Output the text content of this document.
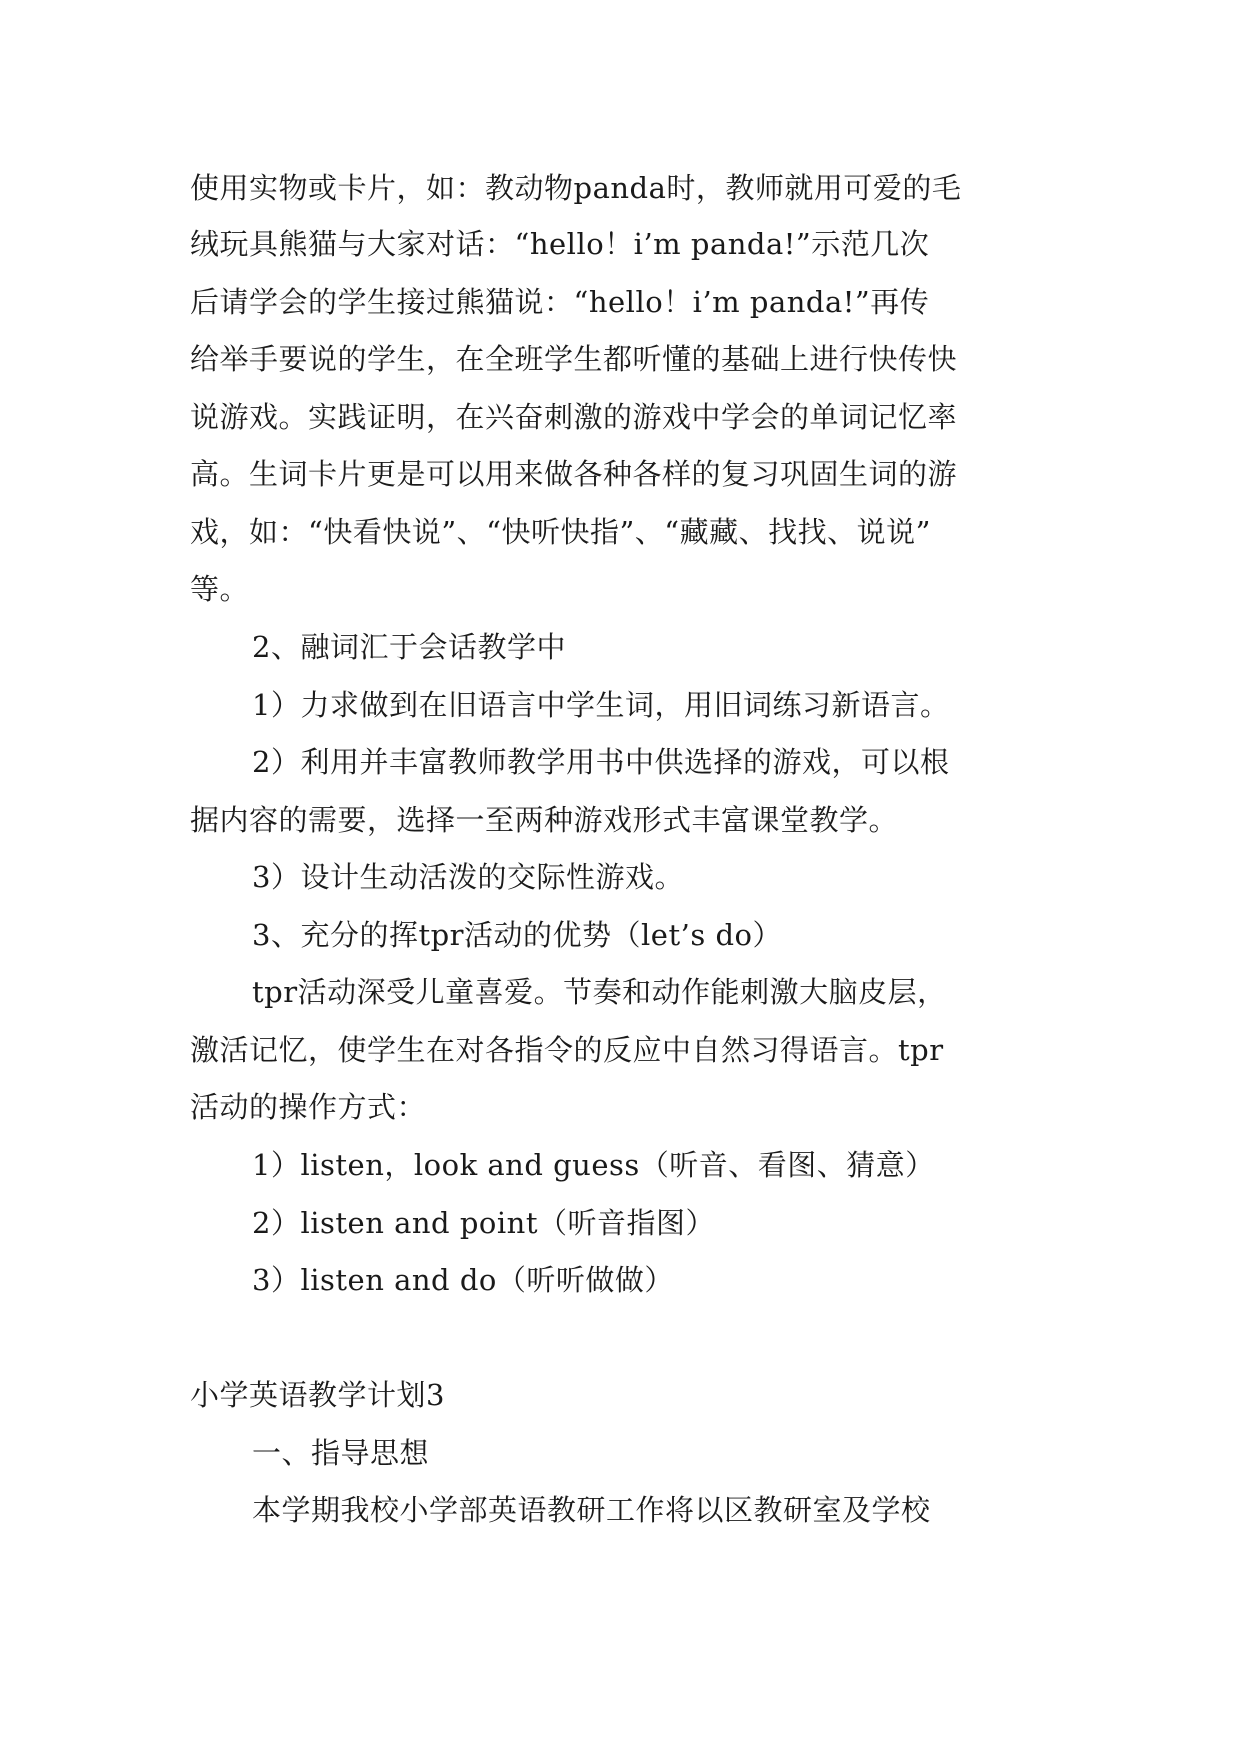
使用实物或卡片，如：教动物panda时，教师就用可爱的毛
绒玩具熊猫与大家对话：“hello！i’m panda!”示范几次
后请学会的学生接过熊猫说：“hello！i’m panda!”再传
给举手要说的学生，在全班学生都听懂的基础上进行快传快
说游戏。实践证明，在兴奋刺激的游戏中学会的单词记忆率
高。生词卡片更是可以用来做各种各样的复习巩固生词的游
戏，如：“快看快说”、“快听快指”、“藏藏、找找、说说”
等。
2、融词汇于会话教学中
1）力求做到在旧语言中学生词，用旧词练习新语言。
2）利用并丰富教师教学用书中供选择的游戏，可以根
据内容的需要，选择一至两种游戏形式丰富课堂教学。
3）设计生动活泼的交际性游戏。
3、充分的挥tpr活动的优势（let’s do）
tpr活动深受儿童喜爱。节奏和动作能刺激大脑皮层，
激活记忆，使学生在对各指令的反应中自然习得语言。tpr
活动的操作方式：
1）listen，look and guess（听音、看图、猜意）
2）listen and point（听音指图）
3）listen and do（听听做做）
小学英语教学计划3
一、指导思想
本学期我校小学部英语教研工作将以区教研室及学校
